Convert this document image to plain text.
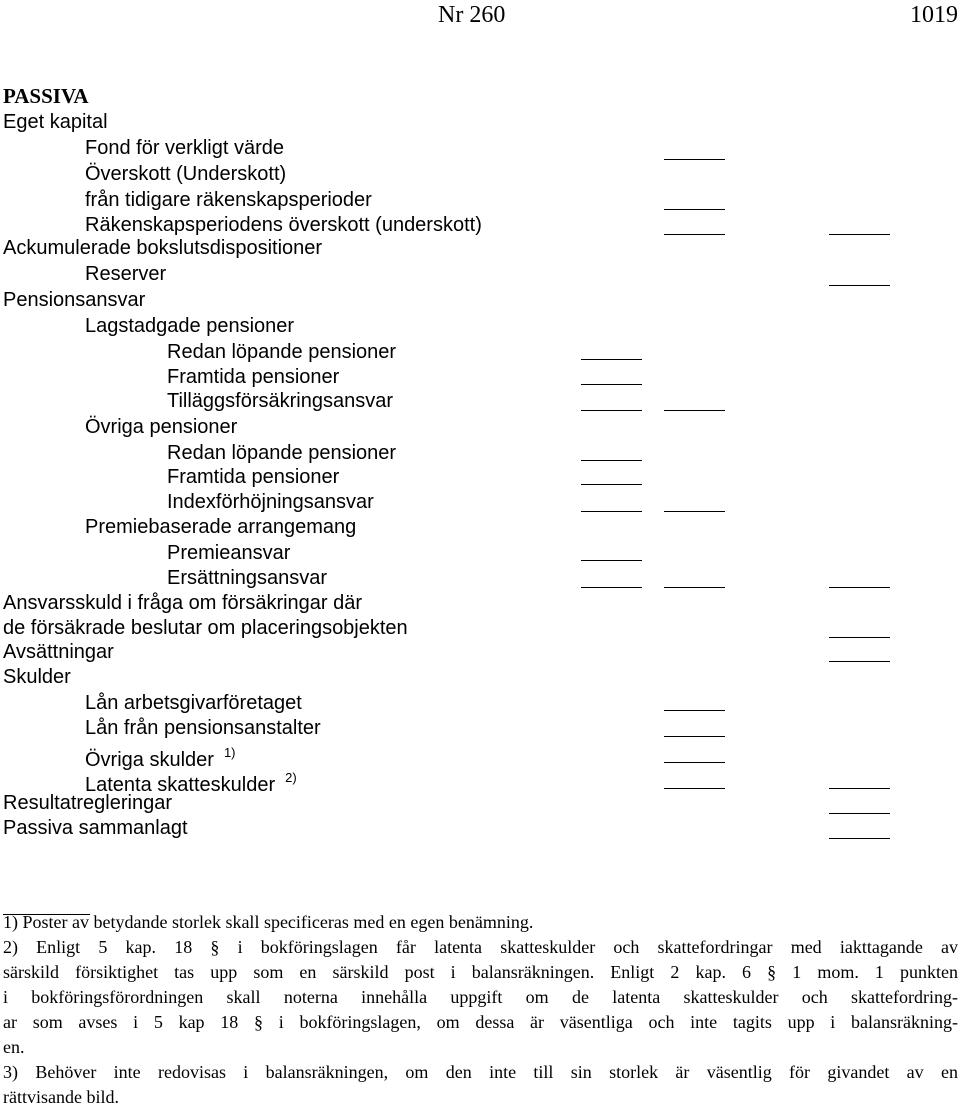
Nr 260	1019
PASSIVA
Eget kapital
Fond för verkligt värde
Överskott (Underskott)
från tidigare räkenskapsperioder
Räkenskapsperiodens överskott (underskott)
Ackumulerade bokslutsdispositioner
Reserver
Pensionsansvar
Lagstadgade pensioner
Redan löpande pensioner
Framtida pensioner
Tilläggsförsäkringsansvar
Övriga pensioner
Redan löpande pensioner
Framtida pensioner
Indexförhöjningsansvar
Premiebaserade arrangemang
Premieansvar
Ersättningsansvar
Ansvarsskuld i fråga om försäkringar där
de försäkrade beslutar om placeringsobjekten
Avsättningar
Skulder
Lån arbetsgivarföretaget
Lån från pensionsanstalter
Övriga skulder $^{1)}$
Latenta skatteskulder $^{2)}$
Resultatregleringar
Passiva sammanlagt

1) Poster av betydande storlek skall specificeras med en egen benämning.

2) Enligt 5 kap. 18 § i bokföringslagen får latenta skatteskulder och skattefordringar med iakttagande av
särskild försiktighet tas upp som en särskild post i balansräkningen. Enligt 2 kap. 6 § 1 mom. 1 punkten
i bokföringsförordningen skall noterna innehålla uppgift om de latenta skatteskulder och skattefordring-
ar som avses i 5 kap 18 § i bokföringslagen, om dessa är väsentliga och inte tagits upp i balansräkning-
en.

3) Behöver inte redovisas i balansräkningen, om den inte till sin storlek är väsentlig för givandet av en
rättvisande bild.
